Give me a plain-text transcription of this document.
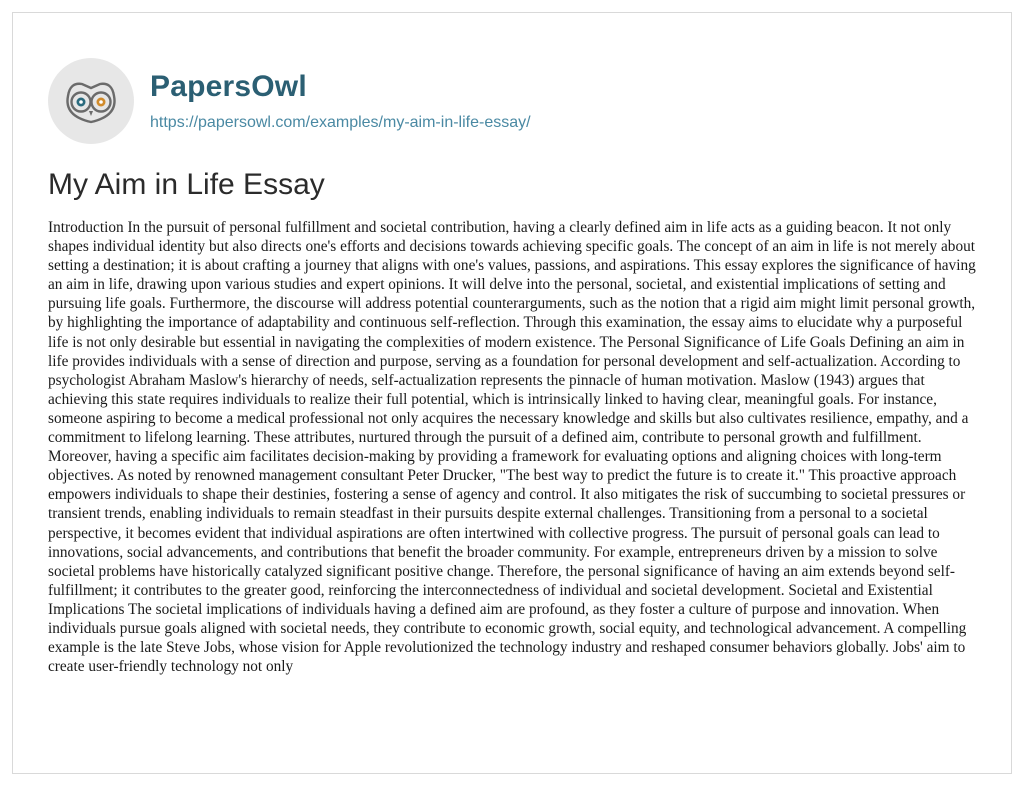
PapersOwl
https://papersowl.com/examples/my-aim-in-life-essay/
My Aim in Life Essay

Introduction In the pursuit of personal fulfillment and societal contribution, having a clearly defined aim in life acts as a guiding beacon. It not only shapes individual identity but also directs one's efforts and decisions towards achieving specific goals. The concept of an aim in life is not merely about setting a destination; it is about crafting a journey that aligns with one's values, passions, and aspirations. This essay explores the significance of having an aim in life, drawing upon various studies and expert opinions. It will delve into the personal, societal, and existential implications of setting and pursuing life goals. Furthermore, the discourse will address potential counterarguments, such as the notion that a rigid aim might limit personal growth, by highlighting the importance of adaptability and continuous self-reflection. Through this examination, the essay aims to elucidate why a purposeful life is not only desirable but essential in navigating the complexities of modern existence. The Personal Significance of Life Goals Defining an aim in life provides individuals with a sense of direction and purpose, serving as a foundation for personal development and self-actualization. According to psychologist Abraham Maslow's hierarchy of needs, self-actualization represents the pinnacle of human motivation. Maslow (1943) argues that achieving this state requires individuals to realize their full potential, which is intrinsically linked to having clear, meaningful goals. For instance, someone aspiring to become a medical professional not only acquires the necessary knowledge and skills but also cultivates resilience, empathy, and a commitment to lifelong learning. These attributes, nurtured through the pursuit of a defined aim, contribute to personal growth and fulfillment. Moreover, having a specific aim facilitates decision-making by providing a framework for evaluating options and aligning choices with long-term objectives. As noted by renowned management consultant Peter Drucker, "The best way to predict the future is to create it." This proactive approach empowers individuals to shape their destinies, fostering a sense of agency and control. It also mitigates the risk of succumbing to societal pressures or transient trends, enabling individuals to remain steadfast in their pursuits despite external challenges. Transitioning from a personal to a societal perspective, it becomes evident that individual aspirations are often intertwined with collective progress. The pursuit of personal goals can lead to innovations, social advancements, and contributions that benefit the broader community. For example, entrepreneurs driven by a mission to solve societal problems have historically catalyzed significant positive change. Therefore, the personal significance of having an aim extends beyond self-fulfillment; it contributes to the greater good, reinforcing the interconnectedness of individual and societal development. Societal and Existential Implications The societal implications of individuals having a defined aim are profound, as they foster a culture of purpose and innovation. When individuals pursue goals aligned with societal needs, they contribute to economic growth, social equity, and technological advancement. A compelling example is the late Steve Jobs, whose vision for Apple revolutionized the technology industry and reshaped consumer behaviors globally. Jobs' aim to create user-friendly technology not only
